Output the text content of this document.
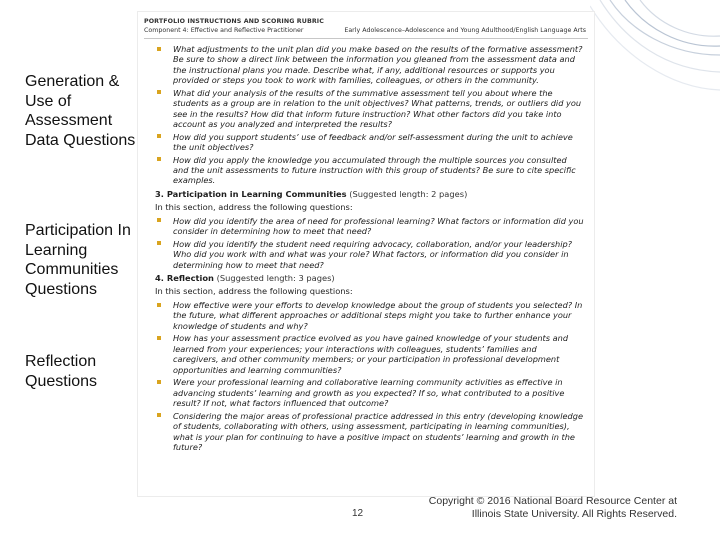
Generation & Use of Assessment Data Questions
Participation In Learning Communities Questions
Reflection Questions
PORTFOLIO INSTRUCTIONS AND SCORING RUBRIC
Component 4: Effective and Reflective Practitioner	Early Adolescence–Adolescence and Young Adulthood/English Language Arts
What adjustments to the unit plan did you make based on the results of the formative assessment? Be sure to show a direct link between the information you gleaned from the assessment data and the instructional plans you made. Describe what, if any, additional resources or supports you provided or steps you took to work with families, colleagues, or others in the community.
What did your analysis of the results of the summative assessment tell you about where the students as a group are in relation to the unit objectives? What patterns, trends, or outliers did you see in the results? How did that inform future instruction? What other factors did you take into account as you analyzed and interpreted the results?
How did you support students’ use of feedback and/or self-assessment during the unit to achieve the unit objectives?
How did you apply the knowledge you accumulated through the multiple sources you consulted and the unit assessments to future instruction with this group of students? Be sure to cite specific examples.
3. Participation in Learning Communities (Suggested length: 2 pages)
In this section, address the following questions:
How did you identify the area of need for professional learning? What factors or information did you consider in determining how to meet that need?
How did you identify the student need requiring advocacy, collaboration, and/or your leadership? Who did you work with and what was your role? What factors, or information did you consider in determining how to meet that need?
4. Reflection (Suggested length: 3 pages)
In this section, address the following questions:
How effective were your efforts to develop knowledge about the group of students you selected? In the future, what different approaches or additional steps might you take to further enhance your knowledge of students and why?
How has your assessment practice evolved as you have gained knowledge of your students and learned from your experiences; your interactions with colleagues, students’ families and caregivers, and other community members; or your participation in professional development opportunities and learning communities?
Were your professional learning and collaborative learning community activities as effective in advancing students’ learning and growth as you expected? If so, what contributed to a positive result? If not, what factors influenced that outcome?
Considering the major areas of professional practice addressed in this entry (developing knowledge of students, collaborating with others, using assessment, participating in learning communities), what is your plan for continuing to have a positive impact on students’ learning and growth in the future?
12
Copyright © 2016 National Board Resource Center at Illinois State University. All Rights Reserved.
